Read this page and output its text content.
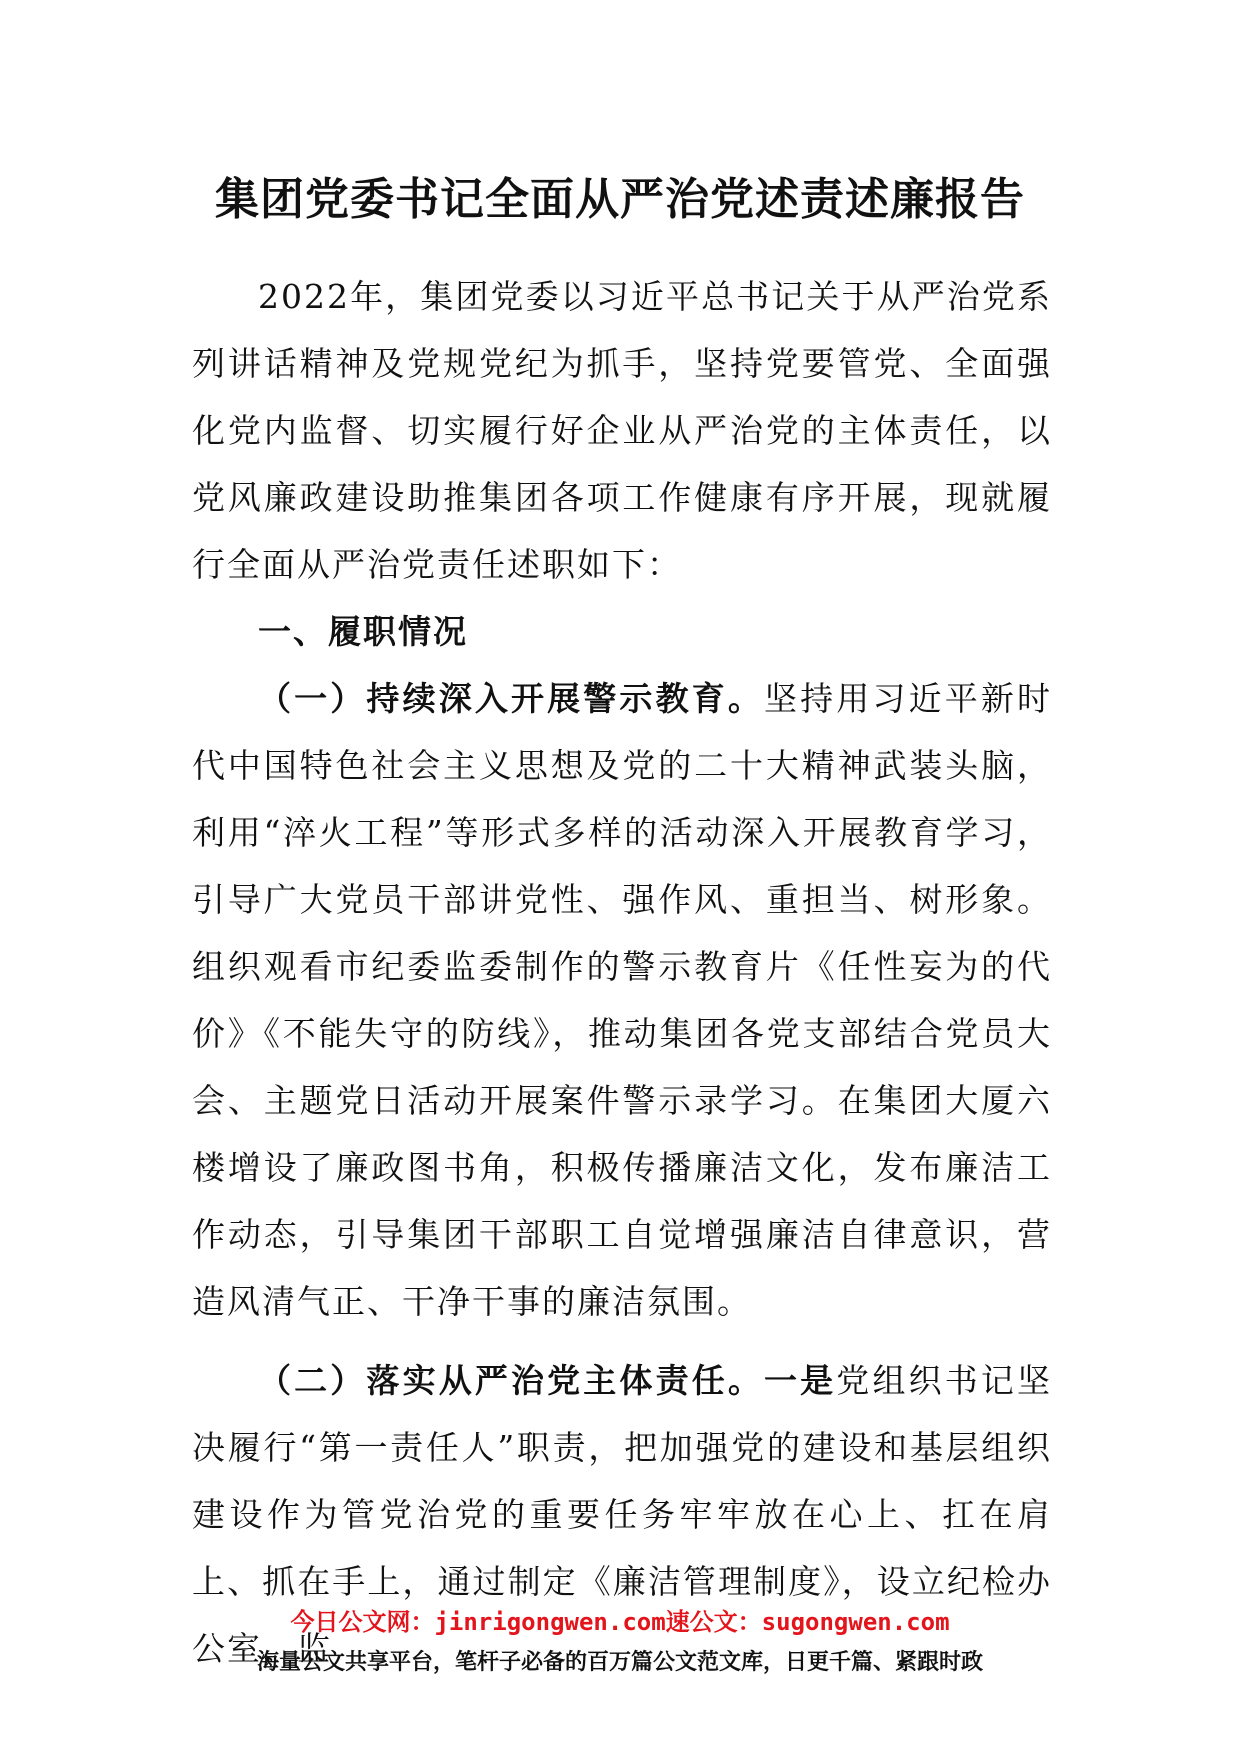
集团党委书记全面从严治党述责述廉报告

2022年，集团党委以习近平总书记关于从严治党系列讲话精神及党规党纪为抓手，坚持党要管党、全面强化党内监督、切实履行好企业从严治党的主体责任，以党风廉政建设助推集团各项工作健康有序开展，现就履行全面从严治党责任述职如下：

一、履职情况

（一）持续深入开展警示教育。坚持用习近平新时代中国特色社会主义思想及党的二十大精神武装头脑，利用“淬火工程”等形式多样的活动深入开展教育学习，引导广大党员干部讲党性、强作风、重担当、树形象。组织观看市纪委监委制作的警示教育片《任性妄为的代价》《不能失守的防线》，推动集团各党支部结合党员大会、主题党日活动开展案件警示录学习。在集团大厦六楼增设了廉政图书角，积极传播廉洁文化，发布廉洁工作动态，引导集团干部职工自觉增强廉洁自律意识，营造风清气正、干净干事的廉洁氛围。

（二）落实从严治党主体责任。一是党组织书记坚决履行“第一责任人”职责，把加强党的建设和基层组织建设作为管党治党的重要任务牢牢放在心上、扛在肩上、抓在手上，通过制定《廉洁管理制度》，设立纪检办公室，监

今日公文网：jinrigongwen.com速公文：sugongwen.com
海量公文共享平台，笔杆子必备的百万篇公文范文库，日更千篇、紧跟时政
